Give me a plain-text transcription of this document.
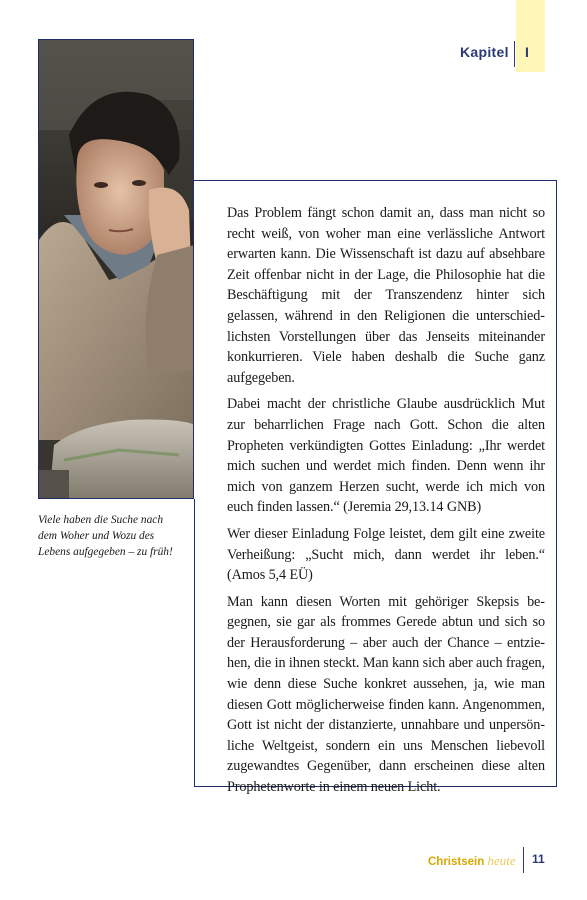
Kapitel I
Viele haben die Suche nach
dem Woher und Wozu des
Lebens aufgegeben – zu früh!

Das Problem fängt schon damit an, dass man nicht so recht weiß, von woher man eine verlässliche Antwort erwarten kann. Die Wissenschaft ist dazu auf absehbare Zeit offenbar nicht in der Lage, die Philosophie hat die Beschäftigung mit der Transzendenz hinter sich gelassen, während in den Religionen die unterschiedlichsten Vorstellungen über das Jenseits miteinander konkurrieren. Viele haben deshalb die Suche ganz aufgegeben.

Dabei macht der christliche Glaube ausdrücklich Mut zur beharrlichen Frage nach Gott. Schon die alten Propheten verkündigten Gottes Einladung: „Ihr werdet mich suchen und werdet mich finden. Denn wenn ihr mich von ganzem Herzen sucht, werde ich mich von euch finden lassen.“ (Jeremia 29,13.14 GNB)

Wer dieser Einladung Folge leistet, dem gilt eine zweite Verheißung: „Sucht mich, dann werdet ihr leben.“ (Amos 5,4 EÜ)

Man kann diesen Worten mit gehöriger Skepsis begegnen, sie gar als frommes Gerede abtun und sich so der Herausforderung – aber auch der Chance – entziehen, die in ihnen steckt. Man kann sich aber auch fragen, wie denn diese Suche konkret aussehen, ja, wie man diesen Gott möglicherweise finden kann. Angenommen, Gott ist nicht der distanzierte, unnahbare und unpersönliche Weltgeist, sondern ein uns Menschen liebevoll zugewandtes Gegenüber, dann erscheinen diese alten Prophetenworte in einem neuen Licht.

Christsein heute 11
